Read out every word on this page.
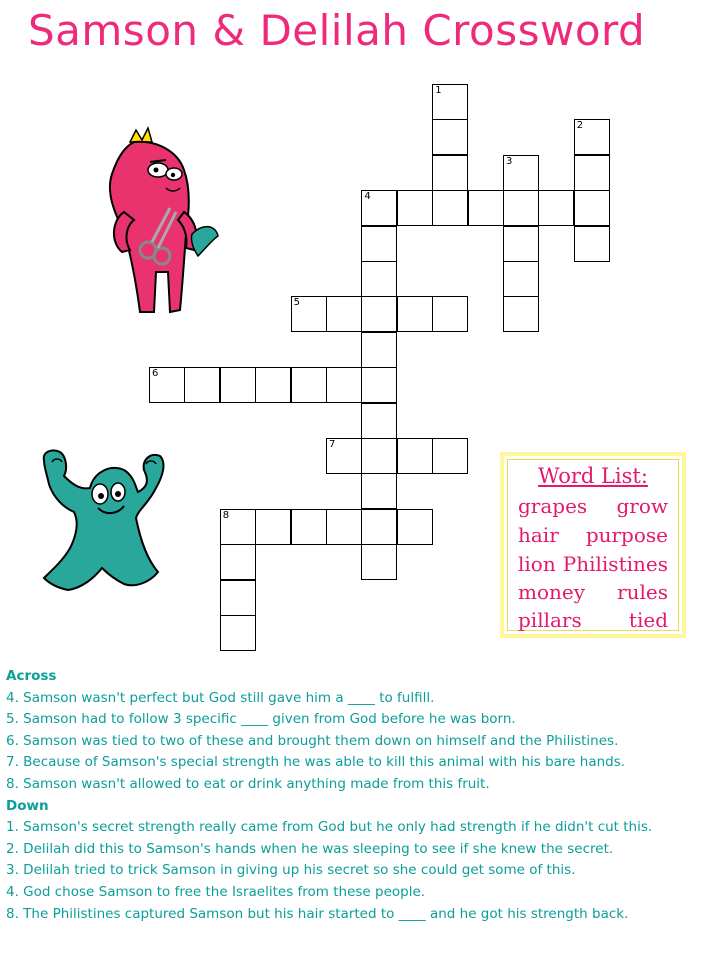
Samson & Delilah Crossword
1
2
3
4
5
6
7
8
Word List:
grapes grow
hair purpose
lion Philistines
money rules
pillars tied
Across
4. Samson wasn't perfect but God still gave him a ____ to fulfill.
5. Samson had to follow 3 specific ____ given from God before he was born.
6. Samson was tied to two of these and brought them down on himself and the Philistines.
7. Because of Samson's special strength he was able to kill this animal with his bare hands.
8. Samson wasn't allowed to eat or drink anything made from this fruit.
Down
1. Samson's secret strength really came from God but he only had strength if he didn't cut this.
2. Delilah did this to Samson's hands when he was sleeping to see if she knew the secret.
3. Delilah tried to trick Samson in giving up his secret so she could get some of this.
4. God chose Samson to free the Israelites from these people.
8. The Philistines captured Samson but his hair started to ____ and he got his strength back.
